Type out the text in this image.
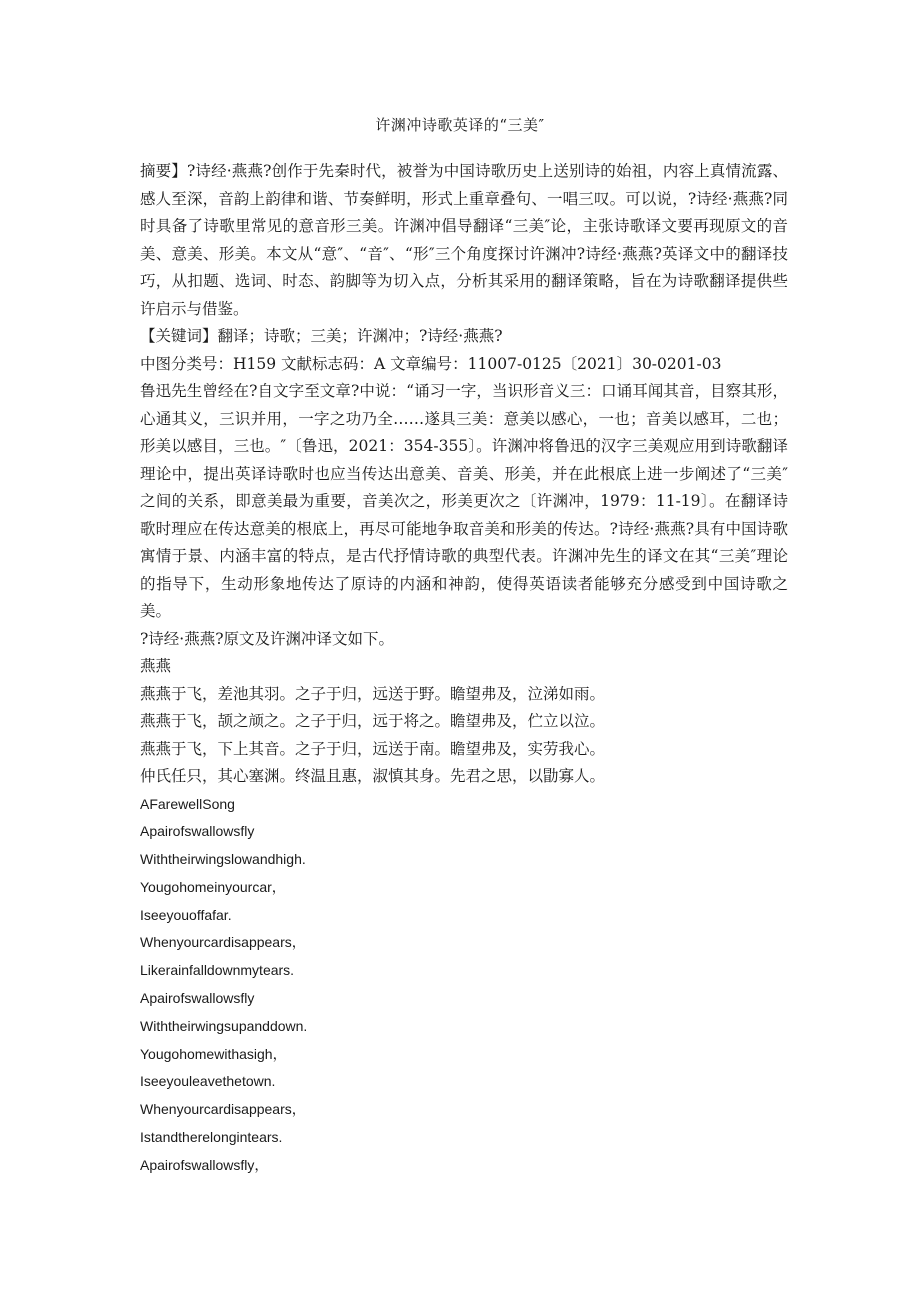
许渊冲诗歌英译的“三美″

摘要】?诗经·燕燕?创作于先秦时代，被誉为中国诗歌历史上送别诗的始祖，内容上真情流露、感人至深，音韵上韵律和谐、节奏鲜明，形式上重章叠句、一唱三叹。可以说，?诗经·燕燕?同时具备了诗歌里常见的意音形三美。许渊冲倡导翻译“三美″论，主张诗歌译文要再现原文的音美、意美、形美。本文从“意″、“音″、“形″三个角度探讨许渊冲?诗经·燕燕?英译文中的翻译技巧，从扣题、选词、时态、韵脚等为切入点，分析其采用的翻译策略，旨在为诗歌翻译提供些许启示与借鉴。

【关键词】翻译；诗歌；三美；许渊冲；?诗经·燕燕?

中图分类号：H159 文献标志码：A 文章编号：11007-0125〔2021〕30-0201-03

鲁迅先生曾经在?自文字至文章?中说：“诵习一字，当识形音义三：口诵耳闻其音，目察其形，心通其义，三识并用，一字之功乃全……遂具三美：意美以感心，一也；音美以感耳，二也；形美以感目，三也。″〔鲁迅，2021：354-355〕。许渊冲将鲁迅的汉字三美观应用到诗歌翻译理论中，提出英译诗歌时也应当传达出意美、音美、形美，并在此根底上进一步阐述了“三美″之间的关系，即意美最为重要，音美次之，形美更次之〔许渊冲，1979：11-19〕。在翻译诗歌时理应在传达意美的根底上，再尽可能地争取音美和形美的传达。?诗经·燕燕?具有中国诗歌寓情于景、内涵丰富的特点，是古代抒情诗歌的典型代表。许渊冲先生的译文在其“三美″理论的指导下，生动形象地传达了原诗的内涵和神韵，使得英语读者能够充分感受到中国诗歌之美。

?诗经·燕燕?原文及许渊冲译文如下。

燕燕

燕燕于飞，差池其羽。之子于归，远送于野。瞻望弗及，泣涕如雨。

燕燕于飞，颉之颃之。之子于归，远于将之。瞻望弗及，伫立以泣。

燕燕于飞，下上其音。之子于归，远送于南。瞻望弗及，实劳我心。

仲氏任只，其心塞渊。终温且惠，淑慎其身。先君之思，以勖寡人。

AFarewellSong

Apairofswallowsfly

Withtheirwingslowandhigh.

Yougohomeinyourcar，

Iseeyouoffafar.

Whenyourcardisappears，

Likerainfalldownmytears.

Apairofswallowsfly

Withtheirwingsupanddown.

Yougohomewithasigh，

Iseeyouleavethetown.

Whenyourcardisappears，

Istandtherelongintears.

Apairofswallowsfly，
